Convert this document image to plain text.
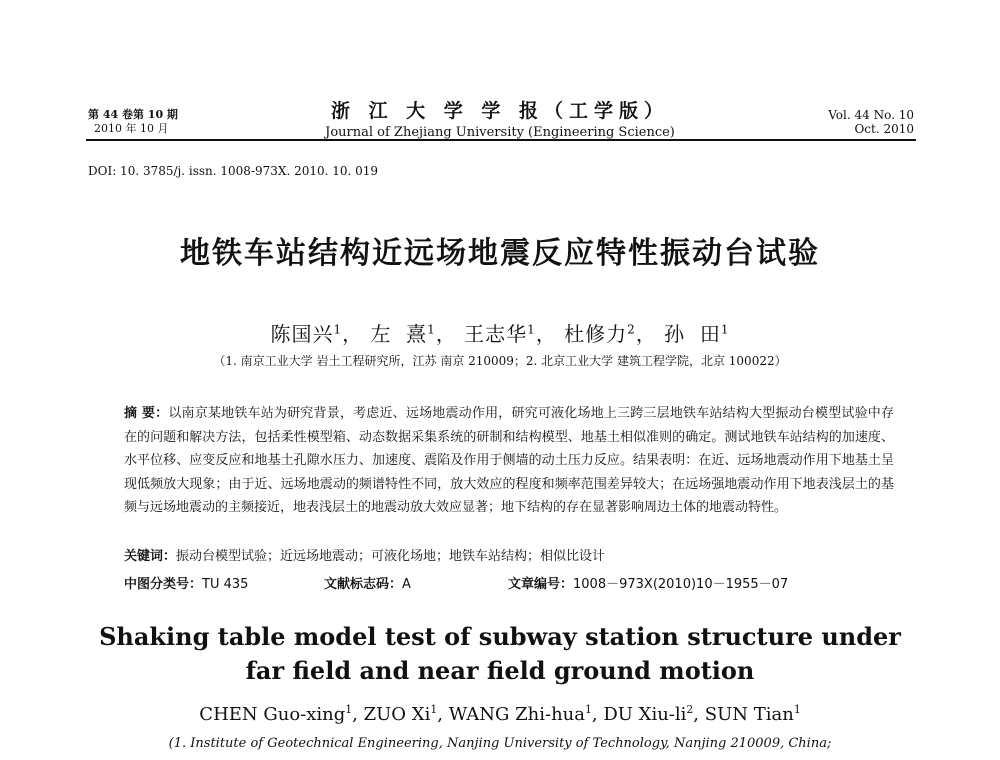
第 44 卷第 10 期
2010 年 10 月
浙 江 大 学 学 报（工学版）
Journal of Zhejiang University (Engineering Science)
Vol. 44 No. 10
Oct. 2010
DOI: 10. 3785/j. issn. 1008-973X. 2010. 10. 019
地铁车站结构近远场地震反应特性振动台试验
陈国兴$^1$， 左  熹$^1$， 王志华$^1$， 杜修力$^2$， 孙  田$^1$
（1. 南京工业大学 岩土工程研究所，江苏 南京 210009；2. 北京工业大学 建筑工程学院，北京 100022）
摘 要：以南京某地铁车站为研究背景，考虑近、远场地震动作用，研究可液化场地上三跨三层地铁车站结构大型振动台模型试验中存在的问题和解决方法，包括柔性模型箱、动态数据采集系统的研制和结构模型、地基土相似准则的确定。测试地铁车站结构的加速度、水平位移、应变反应和地基土孔隙水压力、加速度、震陷及作用于侧墙的动土压力反应。结果表明：在近、远场地震动作用下地基土呈现低频放大现象；由于近、远场地震动的频谱特性不同，放大效应的程度和频率范围差异较大；在远场强地震动作用下地表浅层土的基频与远场地震动的主频接近，地表浅层土的地震动放大效应显著；地下结构的存在显著影响周边土体的地震动特性。
关键词：振动台模型试验；近远场地震动；可液化场地；地铁车站结构；相似比设计
中图分类号：TU 435	文献标志码：A	文章编号：1008－973X(2010)10－1955－07
Shaking table model test of subway station structure under
far field and near field ground motion
CHEN Guo-xing$^1$, ZUO Xi$^1$, WANG Zhi-hua$^1$, DU Xiu-$li^2$, SUN Tian$^1$
(1. Institute of Geotechnical Engineering, Nanjing University of Technology, Nanjing 210009, China;
